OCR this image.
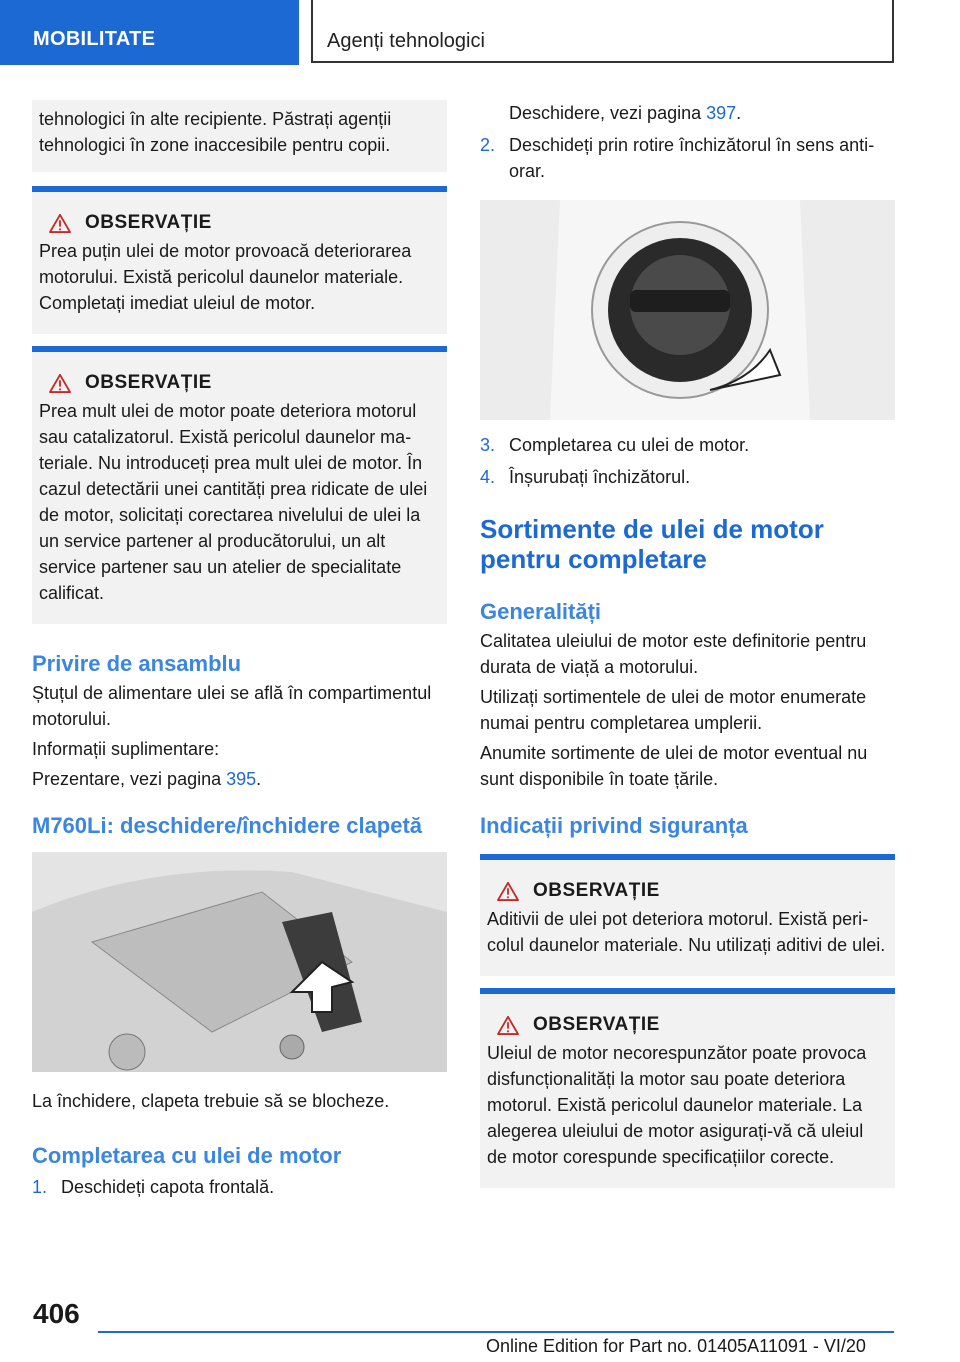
MOBILITATE	Agenți tehnologici

tehnologici în alte recipiente. Păstrați agenții tehnologici în zone inaccesibile pentru copii.

OBSERVAȚIE

Prea puțin ulei de motor provoacă deteriorarea motorului. Există pericolul daunelor materiale. Completați imediat uleiul de motor.

OBSERVAȚIE

Prea mult ulei de motor poate deteriora motorul sau catalizatorul. Există pericolul daunelor materiale. Nu introduceți prea mult ulei de motor. În cazul detectării unei cantități prea ridicate de ulei de motor, solicitați corectarea nivelului de ulei la un service partener al producătorului, un alt service partener sau un atelier de specialitate calificat.

Privire de ansamblu

Ștuțul de alimentare ulei se află în compartimentul motorului.

Informații suplimentare:

Prezentare, vezi pagina 395.

M760Li: deschidere/închidere clapetă

La închidere, clapeta trebuie să se blocheze.

Completarea cu ulei de motor
1. Deschideți capota frontală.
Deschidere, vezi pagina 397.
2. Deschideți prin rotire închizătorul în sens antiorar.
3. Completarea cu ulei de motor.
4. Înșurubați închizătorul.
Sortimente de ulei de motor pentru completare
Generalități

Calitatea uleiului de motor este definitorie pentru durata de viață a motorului.

Utilizați sortimentele de ulei de motor enumerate numai pentru completarea umplerii.

Anumite sortimente de ulei de motor eventual nu sunt disponibile în toate țările.

Indicații privind siguranța
OBSERVAȚIE

Aditivii de ulei pot deteriora motorul. Există pericolul daunelor materiale. Nu utilizați aditivi de ulei.

OBSERVAȚIE

Uleiul de motor necorespunzător poate provoca disfuncționalități la motor sau poate deteriora motorul. Există pericolul daunelor materiale. La alegerea uleiului de motor asigurați-vă că uleiul de motor corespunde specificațiilor corecte.

406
Online Edition for Part no. 01405A11091 - VI/20
